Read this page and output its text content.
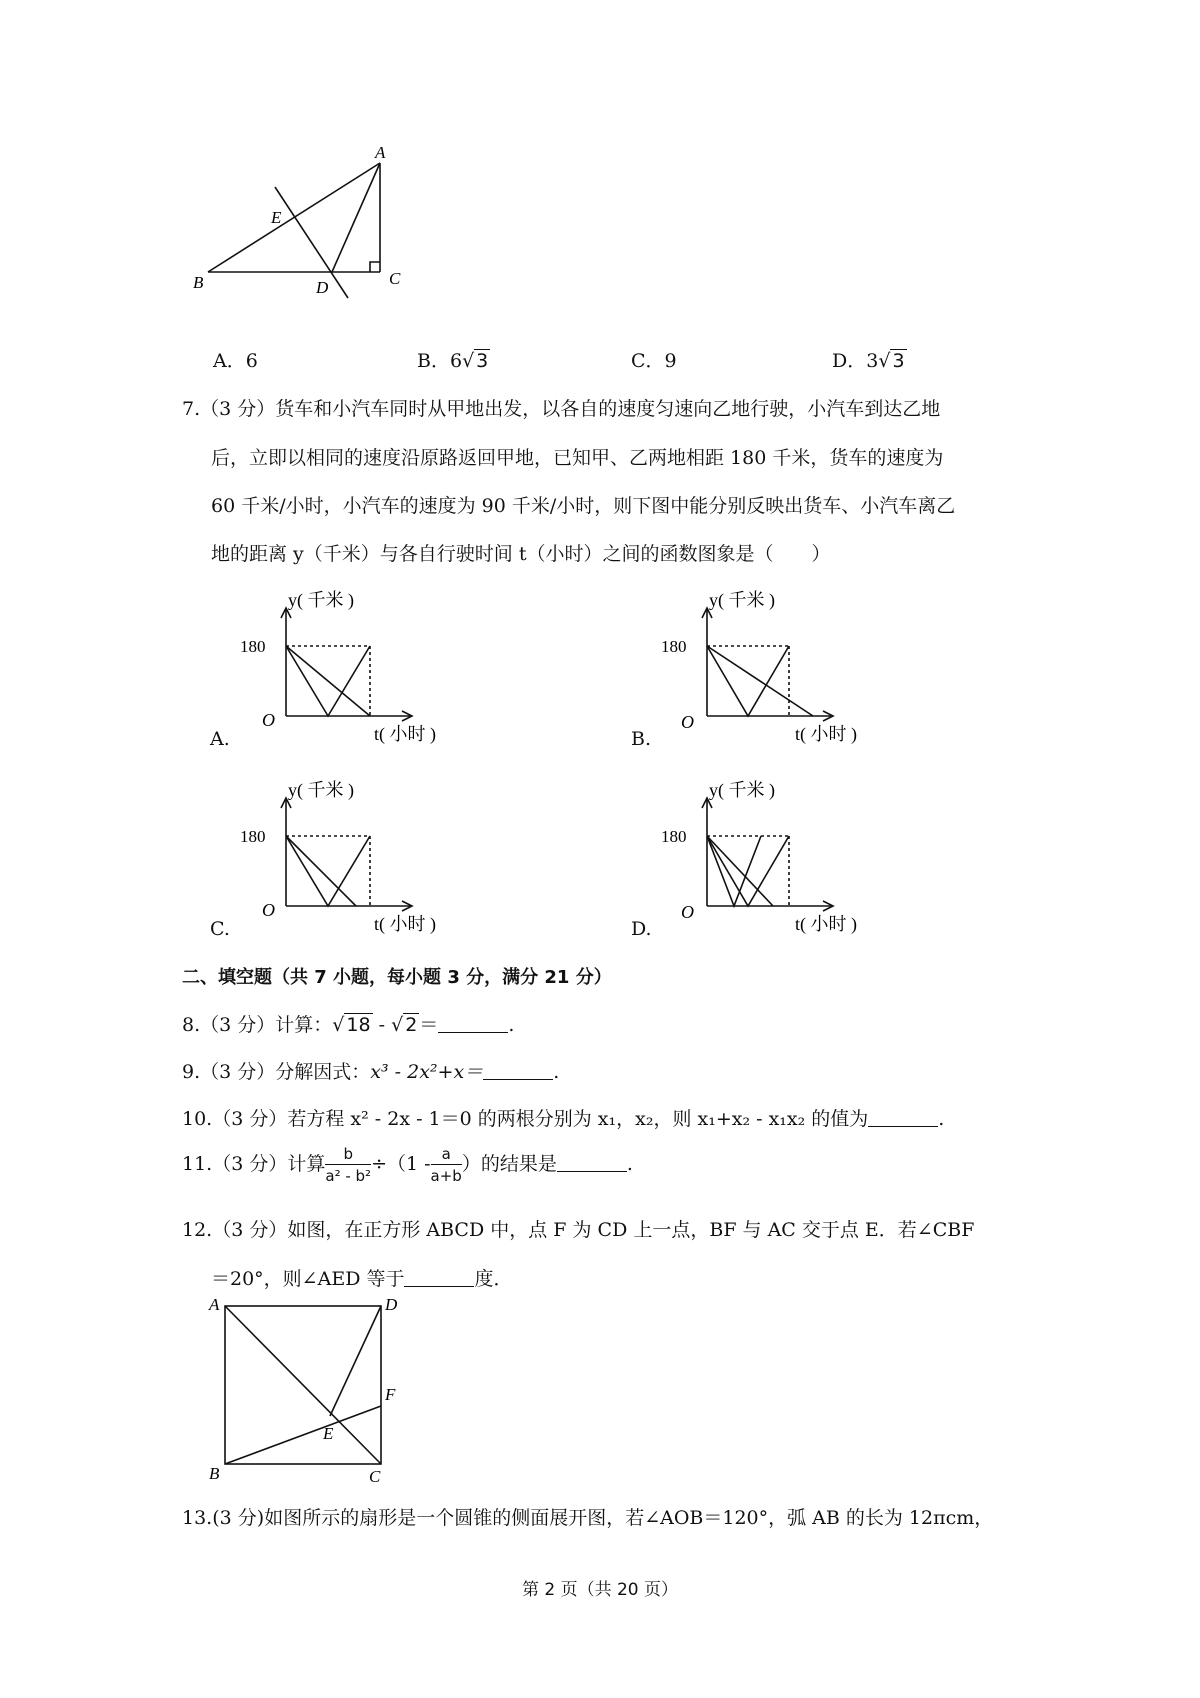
A
B	C
D
E
A．6	B．6√ 3	C．9	D．3√ 3
7.（3 分）货车和小汽车同时从甲地出发，以各自的速度匀速向乙地行驶，小汽车到达乙地
后，立即以相同的速度沿原路返回甲地，已知甲、乙两地相距 180 千米，货车的速度为
60 千米/小时，小汽车的速度为 90 千米/小时，则下图中能分别反映出货车、小汽车离乙
地的距离 y（千米）与各自行驶时间 t（小时）之间的函数图象是（　　）
y( 千米 )
180
O
t( 小时 )
A.
y( 千米 )
180
O
t( 小时 )
B.
y( 千米 )
180
O
t( 小时 )
C.
y( 千米 )
180
O
t( 小时 )
D.
二、填空题（共 7 小题，每小题 3 分，满分 21 分）
8.（3 分）计算：√ 18 - √ 2 ＝	.
9.（3 分）分解因式：x³ - 2x²+x＝	.
10.（3 分）若方程 x² - 2x - 1＝0 的两根分别为 x₁，x₂，则 x₁+x₂ - x₁x₂ 的值为	.
11.（3 分）计算 $\frac{b}{\text{a² - b²}} \div(1 - \frac{a}{a+b}$ ）的结果是	.
12.（3 分）如图，在正方形 ABCD 中，点 F 为 CD 上一点，BF 与 AC 交于点 E．若∠CBF
＝20°，则∠AED 等于	度．
A	D
B	C
E
F
13.(3 分)如图所示的扇形是一个圆锥的侧面展开图，若∠AOB＝120°，弧 AB 的长为 12πcm，
第 2 页（共 20 页）
